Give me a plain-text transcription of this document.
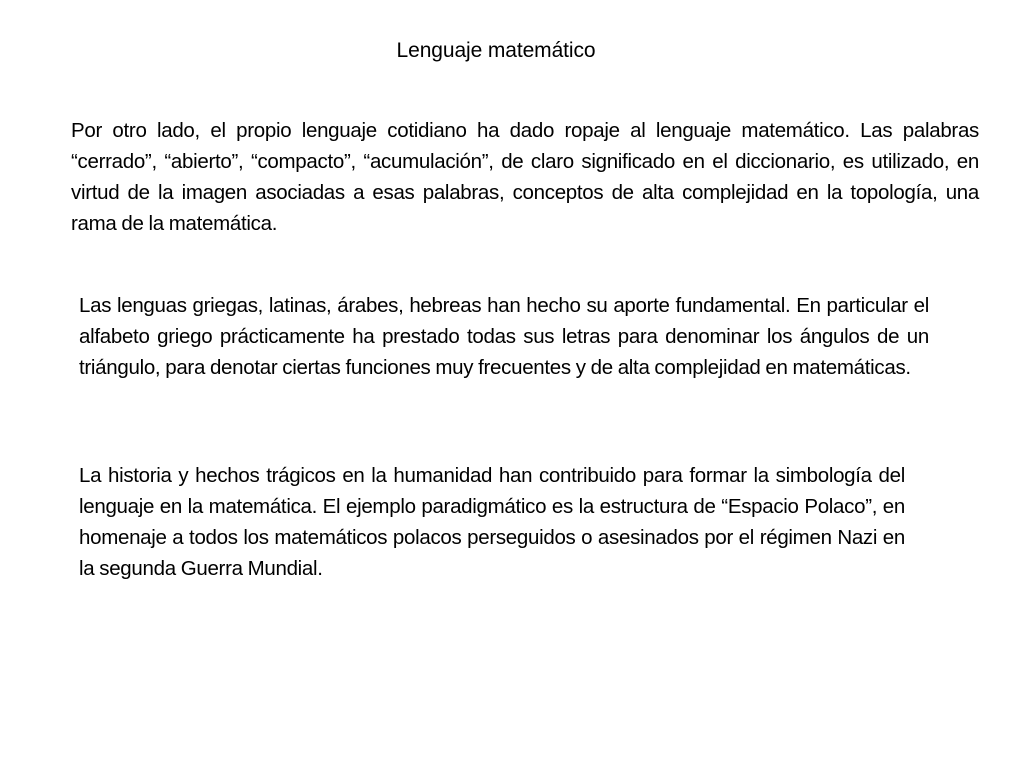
Lenguaje matemático

Por otro lado, el propio lenguaje cotidiano ha dado ropaje al lenguaje matemático. Las palabras “cerrado”, “abierto”, “compacto”, “acumulación”, de claro significado en el diccionario, es utilizado, en virtud de la imagen asociadas a esas palabras, conceptos de alta complejidad en la topología, una rama de la matemática.

Las lenguas griegas, latinas, árabes, hebreas han hecho su aporte fundamental. En particular el alfabeto griego prácticamente ha prestado todas sus letras para denominar los ángulos de un triángulo, para denotar ciertas funciones muy frecuentes y de alta complejidad en matemáticas.

La historia y hechos trágicos en la humanidad han contribuido para formar la simbología del lenguaje en la matemática. El ejemplo paradigmático es la estructura de “Espacio Polaco”, en homenaje a todos los matemáticos polacos perseguidos o asesinados por el régimen Nazi en la segunda Guerra Mundial.
